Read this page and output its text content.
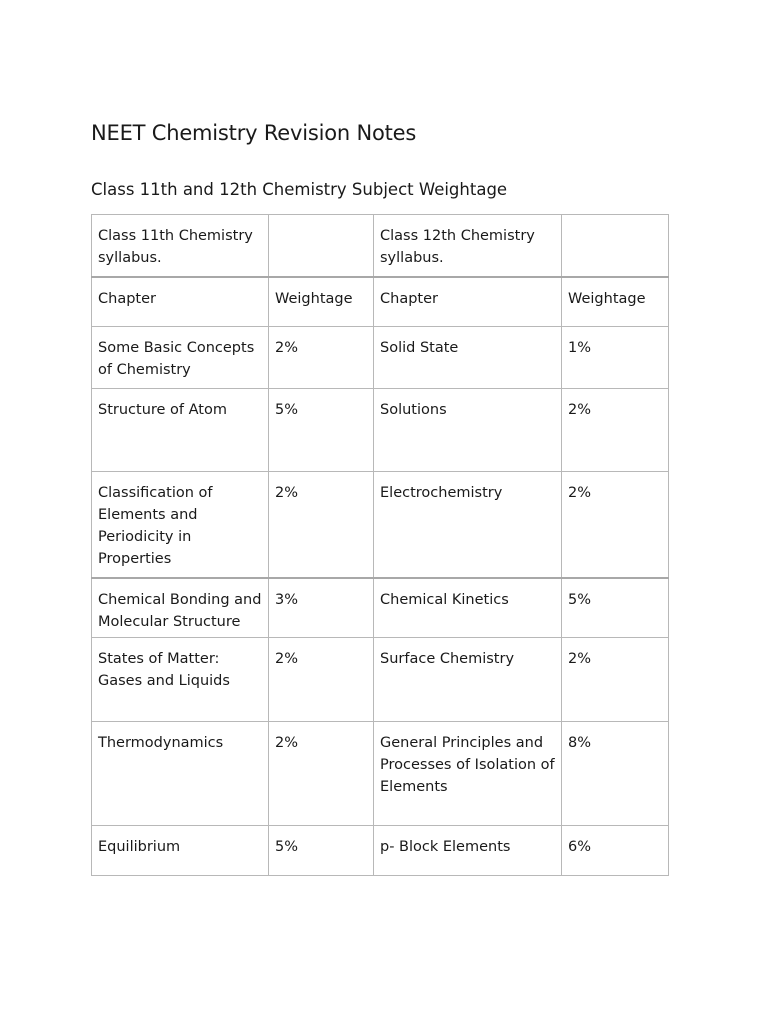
NEET Chemistry Revision Notes
Class 11th and 12th Chemistry Subject Weightage
Class 11th Chemistry syllabus.		Class 12th Chemistry syllabus.	
Chapter	Weightage	Chapter	Weightage
Some Basic Concepts of Chemistry	2%	Solid State	1%
Structure of Atom	5%	Solutions	2%
Classification of Elements and Periodicity in Properties	2%	Electrochemistry	2%
Chemical Bonding and Molecular Structure	3%	Chemical Kinetics	5%
States of Matter: Gases and Liquids	2%	Surface Chemistry	2%
Thermodynamics	2%	General Principles and Processes of Isolation of Elements	8%
Equilibrium	5%	p- Block Elements	6%
